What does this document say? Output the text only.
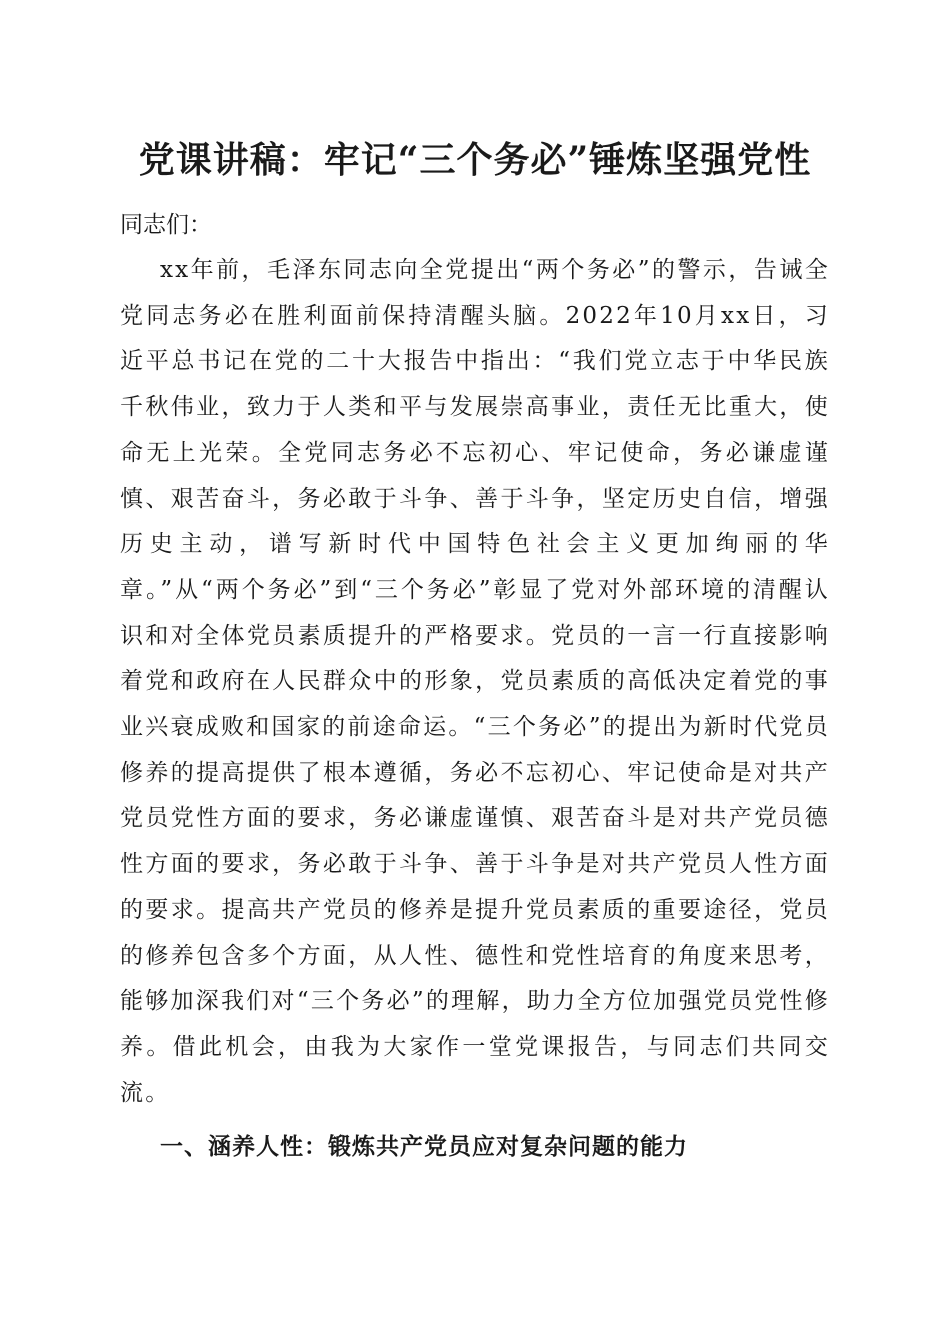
党课讲稿：牢记“三个务必”锤炼坚强党性

同志们：

xx年前，毛泽东同志向全党提出“两个务必”的警示，告诫全党同志务必在胜利面前保持清醒头脑。2022年10月xx日，习近平总书记在党的二十大报告中指出：“我们党立志于中华民族千秋伟业，致力于人类和平与发展崇高事业，责任无比重大，使命无上光荣。全党同志务必不忘初心、牢记使命，务必谦虚谨慎、艰苦奋斗，务必敢于斗争、善于斗争，坚定历史自信，增强历史主动，谱写新时代中国特色社会主义更加绚丽的华章。”从“两个务必”到“三个务必”彰显了党对外部环境的清醒认识和对全体党员素质提升的严格要求。党员的一言一行直接影响着党和政府在人民群众中的形象，党员素质的高低决定着党的事业兴衰成败和国家的前途命运。“三个务必”的提出为新时代党员修养的提高提供了根本遵循，务必不忘初心、牢记使命是对共产党员党性方面的要求，务必谦虚谨慎、艰苦奋斗是对共产党员德性方面的要求，务必敢于斗争、善于斗争是对共产党员人性方面的要求。提高共产党员的修养是提升党员素质的重要途径，党员的修养包含多个方面，从人性、德性和党性培育的角度来思考，能够加深我们对“三个务必”的理解，助力全方位加强党员党性修养。借此机会，由我为大家作一堂党课报告，与同志们共同交流。

一、涵养人性：锻炼共产党员应对复杂问题的能力
